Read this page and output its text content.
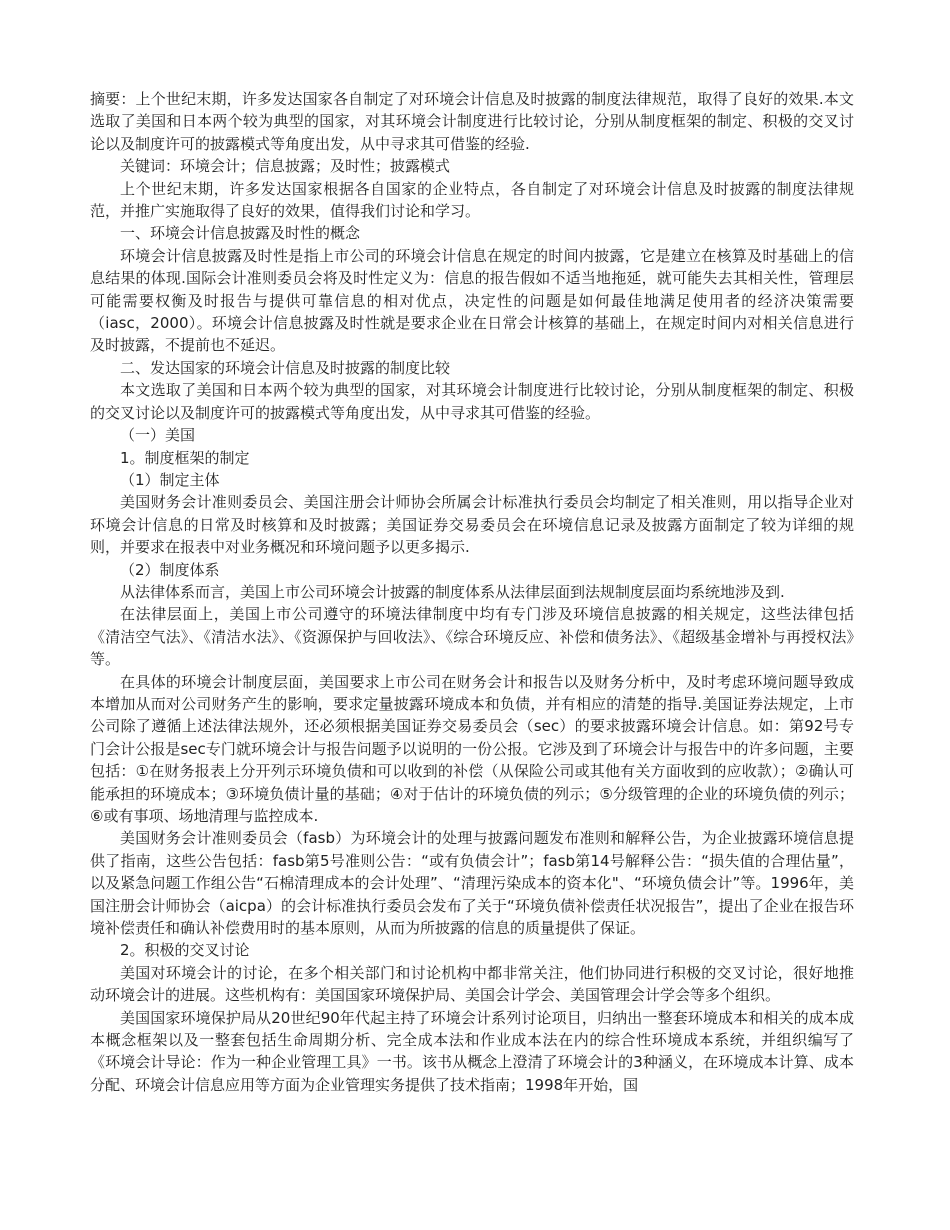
摘要：上个世纪末期，许多发达国家各自制定了对环境会计信息及时披露的制度法律规范，取得了良好的效果.本文选取了美国和日本两个较为典型的国家，对其环境会计制度进行比较讨论，分别从制度框架的制定、积极的交叉讨论以及制度许可的披露模式等角度出发，从中寻求其可借鉴的经验.

关键词：环境会计；信息披露；及时性；披露模式

上个世纪末期，许多发达国家根据各自国家的企业特点，各自制定了对环境会计信息及时披露的制度法律规范，并推广实施取得了良好的效果，值得我们讨论和学习。

一、环境会计信息披露及时性的概念

环境会计信息披露及时性是指上市公司的环境会计信息在规定的时间内披露，它是建立在核算及时基础上的信息结果的体现.国际会计准则委员会将及时性定义为：信息的报告假如不适当地拖延，就可能失去其相关性，管理层可能需要权衡及时报告与提供可靠信息的相对优点，决定性的问题是如何最佳地满足使用者的经济决策需要（iasc，2000）。环境会计信息披露及时性就是要求企业在日常会计核算的基础上，在规定时间内对相关信息进行及时披露，不提前也不延迟。

二、发达国家的环境会计信息及时披露的制度比较

本文选取了美国和日本两个较为典型的国家，对其环境会计制度进行比较讨论，分别从制度框架的制定、积极的交叉讨论以及制度许可的披露模式等角度出发，从中寻求其可借鉴的经验。

（一）美国

1。制度框架的制定

（1）制定主体

美国财务会计准则委员会、美国注册会计师协会所属会计标准执行委员会均制定了相关准则，用以指导企业对环境会计信息的日常及时核算和及时披露；美国证券交易委员会在环境信息记录及披露方面制定了较为详细的规则，并要求在报表中对业务概况和环境问题予以更多揭示.

（2）制度体系

从法律体系而言，美国上市公司环境会计披露的制度体系从法律层面到法规制度层面均系统地涉及到.

在法律层面上，美国上市公司遵守的环境法律制度中均有专门涉及环境信息披露的相关规定，这些法律包括《清洁空气法》、《清洁水法》、《资源保护与回收法》、《综合环境反应、补偿和债务法》、《超级基金增补与再授权法》等。

在具体的环境会计制度层面，美国要求上市公司在财务会计和报告以及财务分析中，及时考虑环境问题导致成本增加从而对公司财务产生的影响，要求定量披露环境成本和负债，并有相应的清楚的指导.美国证券法规定，上市公司除了遵循上述法律法规外，还必须根据美国证券交易委员会（sec）的要求披露环境会计信息。如：第92号专门会计公报是sec专门就环境会计与报告问题予以说明的一份公报。它涉及到了环境会计与报告中的许多问题，主要包括：①在财务报表上分开列示环境负债和可以收到的补偿（从保险公司或其他有关方面收到的应收款）；②确认可能承担的环境成本；③环境负债计量的基础；④对于估计的环境负债的列示；⑤分级管理的企业的环境负债的列示；⑥或有事项、场地清理与监控成本.

美国财务会计准则委员会（fasb）为环境会计的处理与披露问题发布准则和解释公告，为企业披露环境信息提供了指南，这些公告包括：fasb第5号准则公告：“或有负债会计”；fasb第14号解释公告：“损失值的合理估量”，以及紧急问题工作组公告“石棉清理成本的会计处理”、“清理污染成本的资本化"、“环境负债会计”等。1996年，美国注册会计师协会（aicpa）的会计标准执行委员会发布了关于“环境负债补偿责任状况报告”，提出了企业在报告环境补偿责任和确认补偿费用时的基本原则，从而为所披露的信息的质量提供了保证。

2。积极的交叉讨论

美国对环境会计的讨论，在多个相关部门和讨论机构中都非常关注，他们协同进行积极的交叉讨论，很好地推动环境会计的进展。这些机构有：美国国家环境保护局、美国会计学会、美国管理会计学会等多个组织。

美国国家环境保护局从20世纪90年代起主持了环境会计系列讨论项目，归纳出一整套环境成本和相关的成本成本概念框架以及一整套包括生命周期分析、完全成本法和作业成本法在内的综合性环境成本系统，并组织编写了《环境会计导论：作为一种企业管理工具》一书。该书从概念上澄清了环境会计的3种涵义，在环境成本计算、成本分配、环境会计信息应用等方面为企业管理实务提供了技术指南；1998年开始，国
